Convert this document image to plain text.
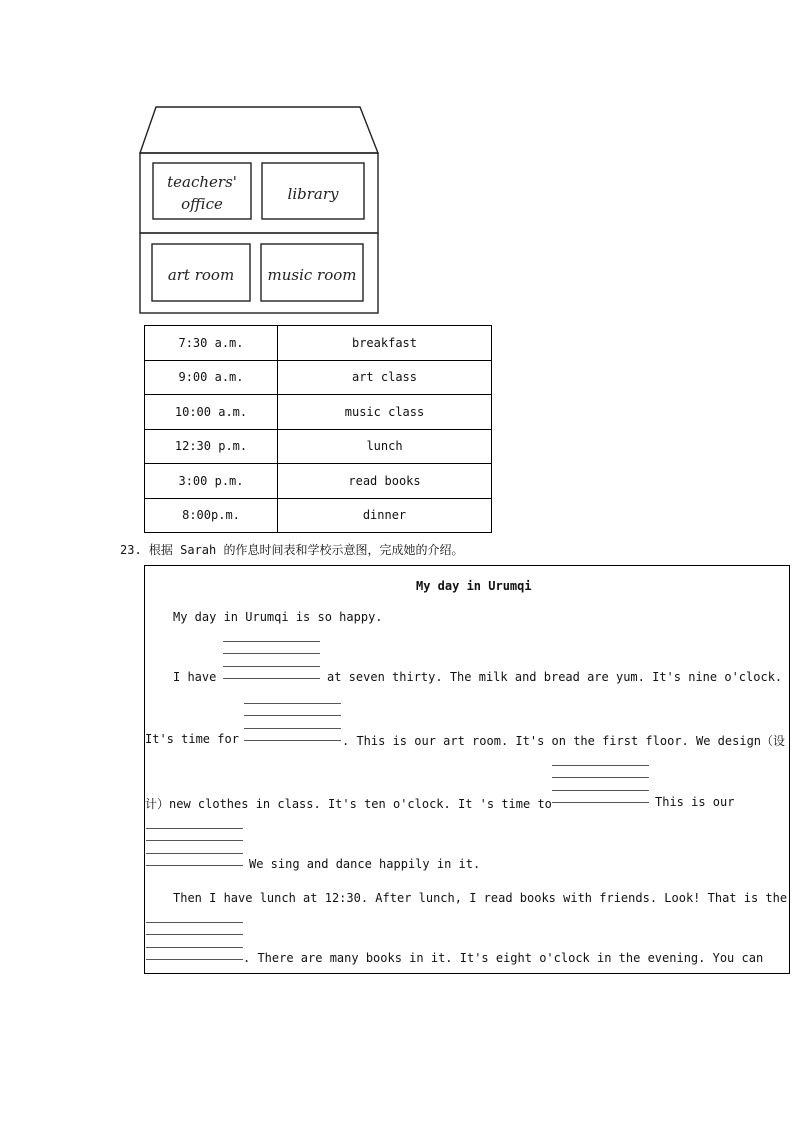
teachers'
office
library
art room music room
7:30 a.m.	breakfast
9:00 a.m.	art class
10:00 a.m.	music class
12:30 p.m.	lunch
3:00 p.m.	read books
8:00p.m.	dinner
23. 根据 Sarah 的作息时间表和学校示意图，完成她的介绍。
My day in Urumqi
My day in Urumqi is so happy.
I have	at seven thirty. The milk and bread are yum. It's nine o'clock.
It's time for	. This is our art room. It's on the first floor. We design（设
计）new clothes in class. It's ten o'clock. It 's time to	This is our
We sing and dance happily in it.
Then I have lunch at 12:30. After lunch, I read books with friends. Look! That is the
. There are many books in it. It's eight o'clock in the evening. You can
